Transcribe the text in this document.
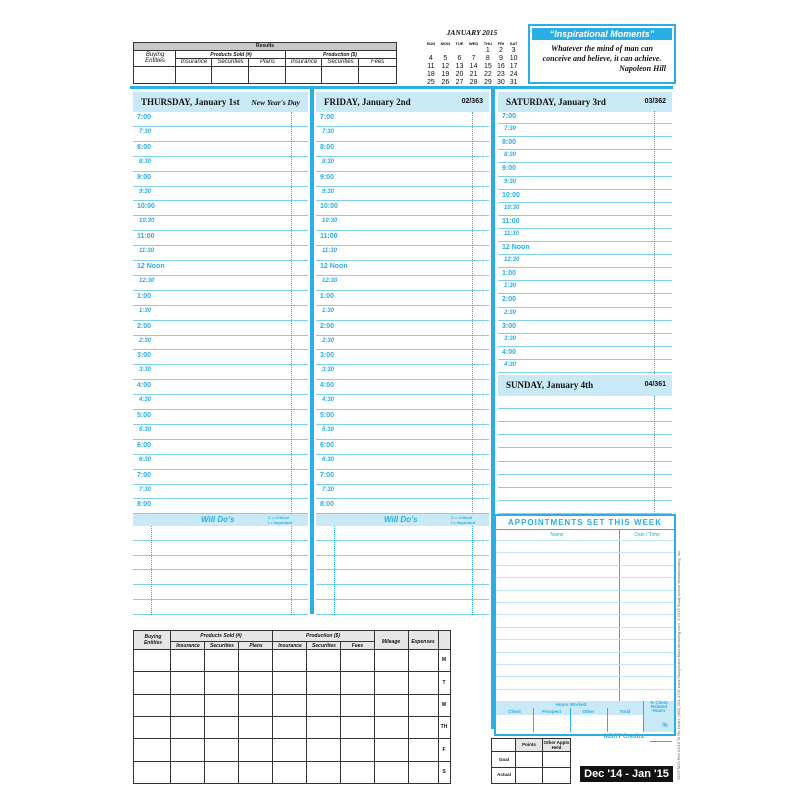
Results
Buying Entities
Products Sold (#)	Production ($)
Insurance	Securities	Plans	Insurance	Securities	Fees
JANUARY 2015
SUN	MON	TUE	WED	THU	FRI	SAT
				1	2	3
4	5	6	7	8	9	10
11	12	13	14	15	16	17
18	19	20	21	22	23	24
25	26	27	28	29	30	31
“Inspirational Moments”
Whatever the mind of man can
conceive and believe, it can achieve.
Napoleon Hill
THURSDAY, January 1st New Year's Day	FRIDAY, January 2nd	02/363	SATURDAY, January 3rd	03/362
7:00
7:30
8:00
8:30
9:00
9:30
10:00
10:30
11:00
11:30
12 Noon
12:30
1:00
1:30
2:00
2:30
3:00
3:30
4:00
4:30
5:00
5:30
6:00
6:30
7:00
7:30
8:00
7:00
7:30
8:00
8:30
9:00
9:30
10:00
10:30
11:00
11:30
12 Noon
12:30
1:00
1:30
2:00
2:30
3:00
3:30
4:00
4:30
5:00
5:30
6:00
6:30
7:00
7:30
8:00
7:00
7:30
8:00
8:30
9:00
9:30
10:00
10:30
11:00
11:30
12 Noon
12:30
1:00
1:30
2:00
2:30
3:00
3:30
4:00
4:30
SUNDAY, January 4th	04/361
Will Do's	C = Critical
I = Important	Will Do's	C = Critical
I = Important	APPOINTMENTS SET THIS WEEK
Name	Date / Time
Hours Worked	% Client Related Hours
Client	Prospect	Other	Total
%
Buying Entities
Products Sold (#)	Production ($)
Mileage	Expenses
Insurance	Securities	Plans	Insurance	Securities	Fees
M
T
W
TH
F
S
Points	Other Appts Held
Goal
Actual
MDRT Credits:
Dec '14 - Jan '15	SOTPM15 Rev 01/15 To Re-Order: (800) 254-4726 www.StudyActionManufacturing.com ©2015 Study Action Manufacturing, Inc.
